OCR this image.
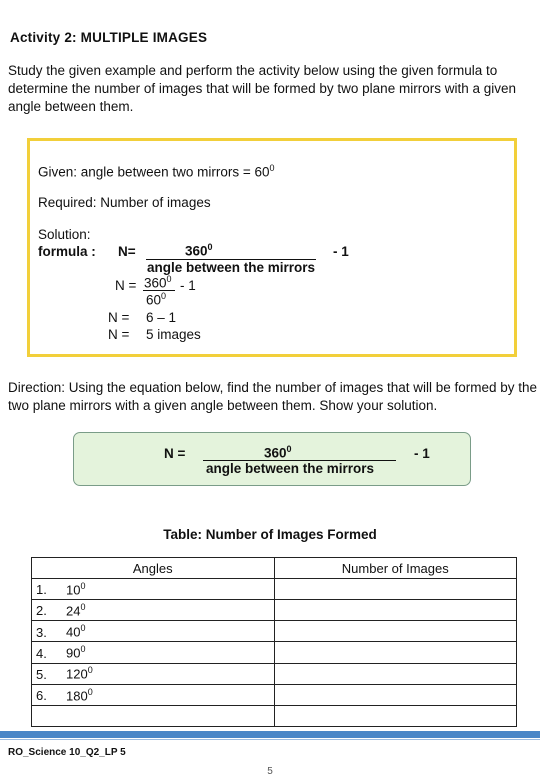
Activity 2: MULTIPLE IMAGES
Study the given example and perform the activity below using the given formula to determine the number of images that will be formed by two plane mirrors with a given angle between them.
Given: angle between two mirrors = $60^0$
Required: Number of images
Solution:
formula : N=	$360^0$
angle between the mirrors
- 1
$N = 360^0 - 1$
$60^0$
N = 6 – 1
N = 5 images
Direction: Using the equation below, find the number of images that will be formed by the two plane mirrors with a given angle between them. Show your solution.
N =	$360^0$
angle between the mirrors
- 1
Table: Number of Images Formed
Angles	Number of Images
1. $10^0$	
2. $24^0$	
3. $40^0$	
4. $90^0$	
5. $120^0$	
6. $180^0$	

RO_Science 10_Q2_LP 5
5
